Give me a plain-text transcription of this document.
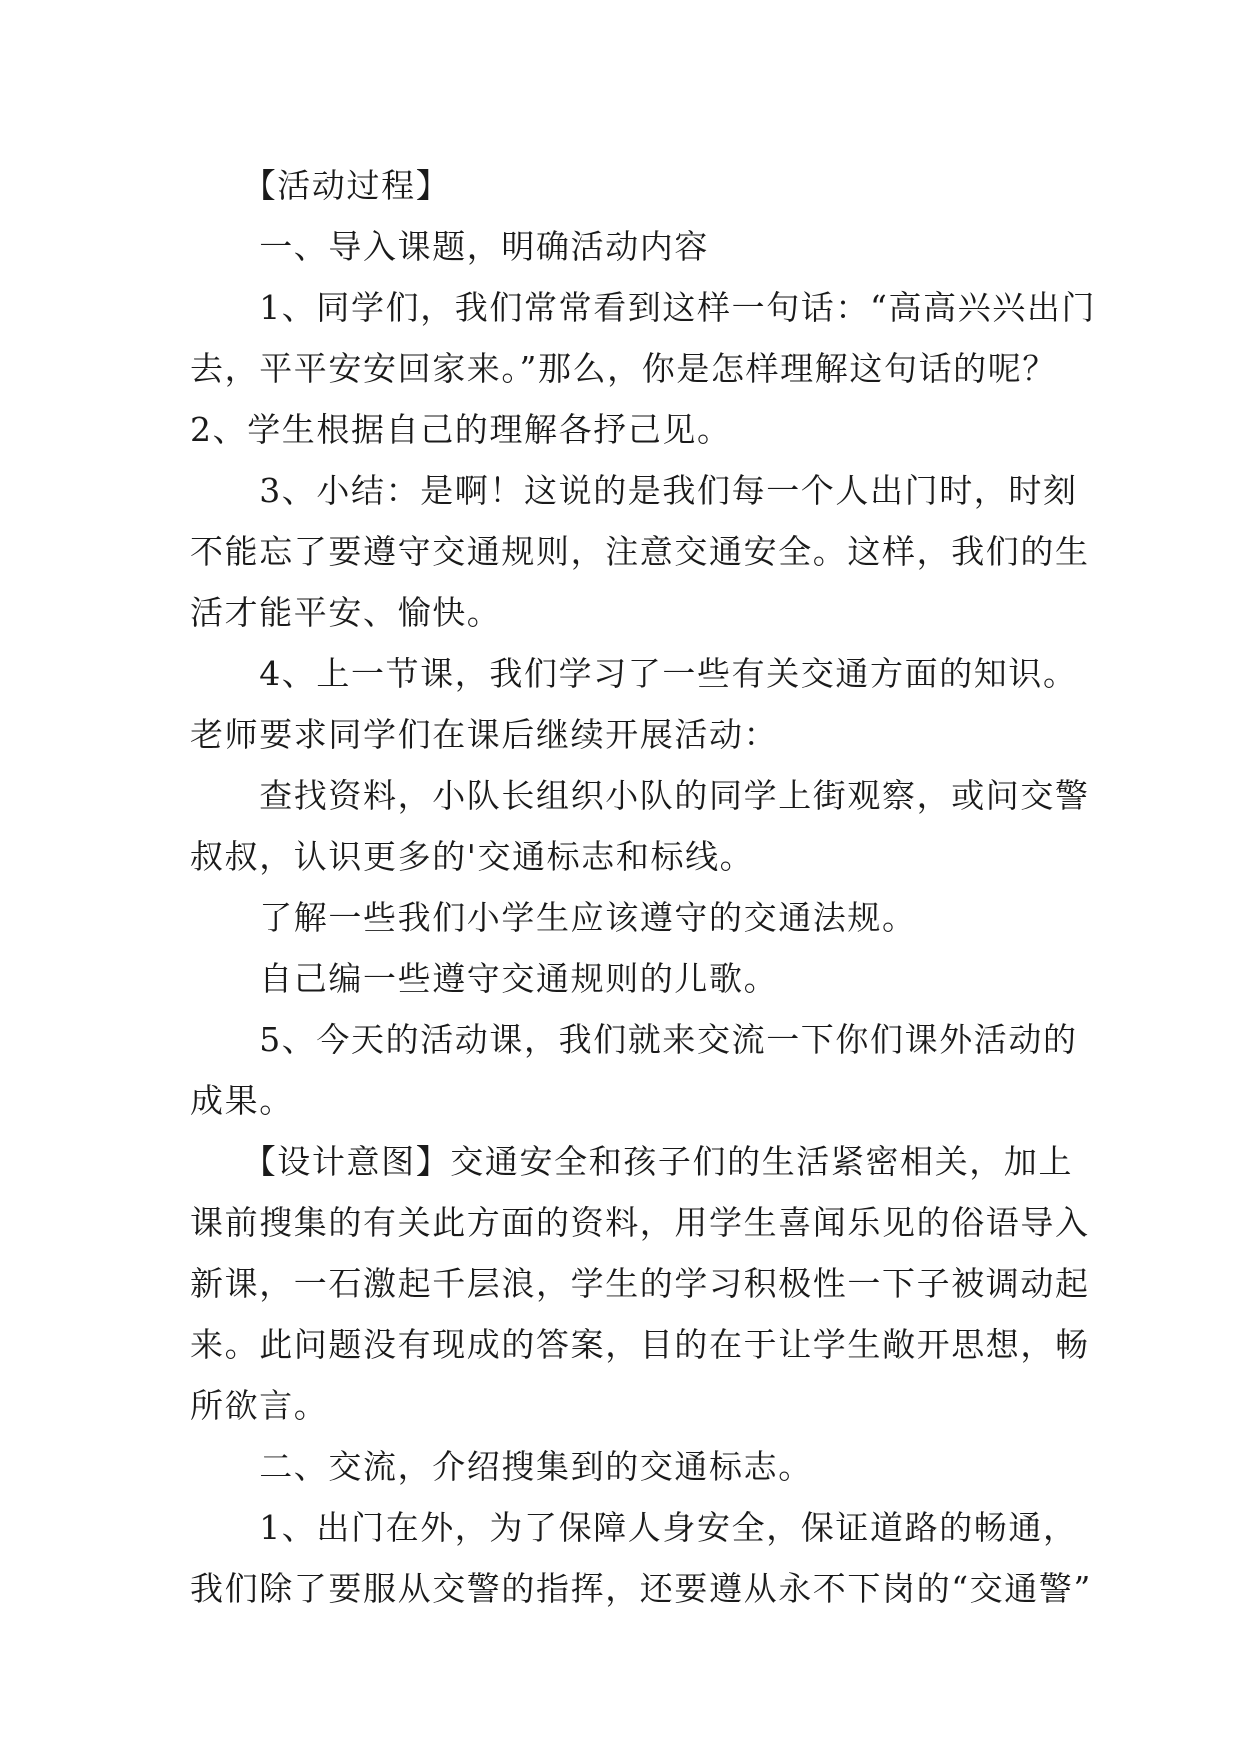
　　【活动过程】
　　一、导入课题，明确活动内容
　　1、同学们，我们常常看到这样一句话：“高高兴兴出门
去，平平安安回家来。”那么，你是怎样理解这句话的呢？
2、学生根据自己的理解各抒己见。
　　3、小结：是啊！这说的是我们每一个人出门时，时刻
不能忘了要遵守交通规则，注意交通安全。这样，我们的生
活才能平安、愉快。
　　4、上一节课，我们学习了一些有关交通方面的知识。
老师要求同学们在课后继续开展活动：
　　查找资料，小队长组织小队的同学上街观察，或问交警
叔叔，认识更多的'交通标志和标线。
　　了解一些我们小学生应该遵守的交通法规。
　　自己编一些遵守交通规则的儿歌。
　　5、今天的活动课，我们就来交流一下你们课外活动的
成果。
　　【设计意图】交通安全和孩子们的生活紧密相关，加上
课前搜集的有关此方面的资料，用学生喜闻乐见的俗语导入
新课，一石激起千层浪，学生的学习积极性一下子被调动起
来。此问题没有现成的答案，目的在于让学生敞开思想，畅
所欲言。
　　二、交流，介绍搜集到的交通标志。
　　1、出门在外，为了保障人身安全，保证道路的畅通，
我们除了要服从交警的指挥，还要遵从永不下岗的“交通警”
